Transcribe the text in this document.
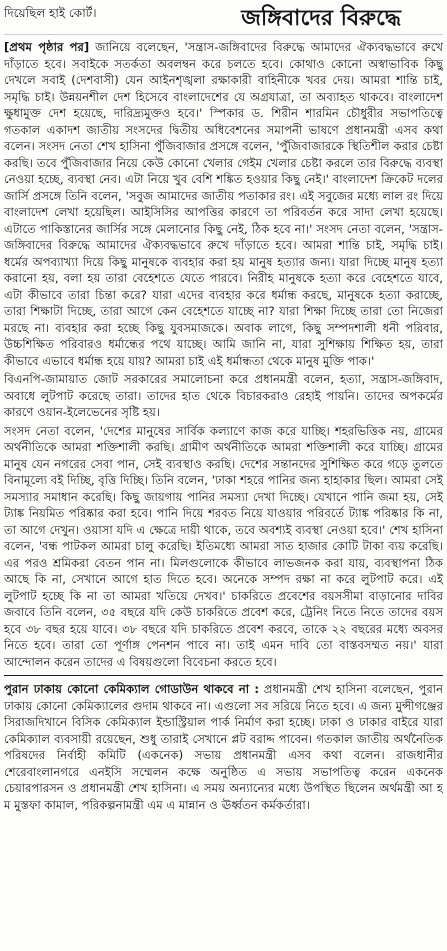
দিয়েছিল হাই কোর্ট।	জঙ্গিবাদের বিরুদ্ধে

[প্রথম পৃষ্ঠার পর] জানিয়ে বলেছেন, 'সন্ত্রাস-জঙ্গিবাদের বিরুদ্ধে আমাদের ঐক্যবদ্ধভাবে রুখে দাঁড়াতে হবে। সবাইকে সতর্কতা অবলম্বন করে চলতে হবে। কোথাও কোনো অস্বাভাবিক কিছু দেখলে সবাই (দেশবাসী) যেন আইনশৃঙ্খলা রক্ষাকারী বাহিনীকে খবর দেয়। আমরা শান্তি চাই, সমৃদ্ধি চাই। উন্নয়নশীল দেশ হিসেবে বাংলাদেশের যে অগ্রযাত্রা, তা অব্যাহত থাকবে। বাংলাদেশ ক্ষুধামুক্ত দেশ হয়েছে, দারিদ্র্যমুক্তও হবে।' স্পিকার ড. শিরীন শারমিন চৌধুরীর সভাপতিত্বে গতকাল একাদশ জাতীয় সংসদের দ্বিতীয় অধিবেশনের সমাপনী ভাষণে প্রধানমন্ত্রী এসব কথা বলেন। সংসদ নেতা শেখ হাসিনা পুঁজিবাজার প্রসঙ্গে বলেন, 'পুঁজিবাজারকে স্থিতিশীল করার চেষ্টা করছি। তবে পুঁজিবাজার নিয়ে কেউ কোনো খেলার গেইম খেলার চেষ্টা করলে তার বিরুদ্ধে ব্যবস্থা নেওয়া হচ্ছে, ব্যবস্থা নেব। এটা নিয়ে খুব বেশি শঙ্কিত হওয়ার কিছু নেই।' বাংলাদেশ ক্রিকেট দলের জার্সি প্রসঙ্গে তিনি বলেন, 'সবুজ আমাদের জাতীয় পতাকার রং। এই সবুজের মধ্যে লাল রং দিয়ে বাংলাদেশ লেখা হয়েছিল। আইসিসির আপত্তির কারণে তা পরিবর্তন করে সাদা লেখা হয়েছে। এটাতে পাকিস্তানের জার্সির সঙ্গে মেলানোর কিছু নেই, ঠিক হবে না।' সংসদ নেতা বলেন, 'সন্ত্রাস-জঙ্গিবাদের বিরুদ্ধে আমাদের ঐক্যবদ্ধভাবে রুখে দাঁড়াতে হবে। আমরা শান্তি চাই, সমৃদ্ধি চাই। ধর্মের অপব্যাখ্যা দিয়ে কিছু মানুষকে ব্যবহার করা হয় মানুষ হত্যার জন্য। যারা দিচ্ছে মানুষ হত্যা করানো হয়, বলা হয় তারা বেহেশতে যেতে পারবে। নিরীহ মানুষকে হত্যা করে বেহেশতে যাবে, এটা কীভাবে তারা চিন্তা করে? যারা এদের ব্যবহার করে ধর্মান্ধ করছে, মানুষকে হত্যা করাচ্ছে, তারা শিক্ষাটা দিচ্ছে, তারা আগে কেন বেহেশতে যাচ্ছে না? যারা শিক্ষা দিচ্ছে তারা তো নিজেরা মরছে না। ব্যবহার করা হচ্ছে কিছু যুবসমাজকে। অবাক লাগে, কিছু সম্পদশালী ধনী পরিবার, উচ্চশিক্ষিত পরিবারও ধর্মান্ধের পথে যাচ্ছে। আমি জানি না, যারা সুশিক্ষায় শিক্ষিত হয়, তারা কীভাবে এভাবে ধর্মান্ধ হয়ে যায়? আমরা চাই এই ধর্মান্ধতা থেকে মানুষ মুক্তি পাক।'

বিএনপি-জামায়াত জোট সরকারের সমালোচনা করে প্রধানমন্ত্রী বলেন, হত্যা, সন্ত্রাস-জঙ্গিবাদ, অবাধে লুটপাট করেছে তারা। তাদের হাত থেকে বিচারকরাও রেহাই পায়নি। তাদের অপকর্মের কারণে ওয়ান-ইলেভেনের সৃষ্টি হয়।

সংসদ নেতা বলেন, 'দেশের মানুষের সার্বিক কল্যাণে কাজ করে যাচ্ছি। শহরভিত্তিক নয়, গ্রামের অর্থনীতিকে আমরা শক্তিশালী করছি। গ্রামীণ অর্থনীতিকে আমরা শক্তিশালী করে যাচ্ছি। গ্রামের মানুষ যেন নগরের সেবা পান, সেই ব্যবস্থাও করছি। দেশের সন্তানদের সুশিক্ষিত করে গড়ে তুলতে বিনামূল্যে বই দিচ্ছি, বৃত্তি দিচ্ছি। তিনি বলেন, 'ঢাকা শহরে পানির জন্য হাহাকার ছিল। আমরা সেই সমস্যার সমাধান করেছি। কিছু জায়গায় পানির সমস্যা দেখা দিচ্ছে। যেখানে পানি জমা হয়, সেই ট্যাঙ্ক নিয়মিত পরিষ্কার করা হবে। পানি দিয়ে শরবত নিয়ে যাওয়ার পরিবর্তে ট্যাঙ্ক পরিষ্কার কি না, তা আগে দেখুন। ওয়াসা যদি এ ক্ষেত্রে দায়ী থাকে, তবে অবশ্যই ব্যবস্থা নেওয়া হবে।' শেখ হাসিনা বলেন, 'বন্ধ পাটকল আমরা চালু করেছি। ইতিমধ্যে আমরা সাত হাজার কোটি টাকা ব্যয় করেছি। এর পরও শ্রমিকরা বেতন পান না। মিলগুলোকে কীভাবে লাভজনক করা যায়, ব্যবস্থাপনা ঠিক আছে কি না, সেখানে আগে হাত দিতে হবে। অনেকে সম্পদ রক্ষা না করে লুটপাট করে। এই লুটপাট হচ্ছে কি না তা আমরা খতিয়ে দেখব।' চাকরিতে প্রবেশের বয়সসীমা বাড়ানোর দাবির জবাবে তিনি বলেন, ৩৫ বছরে যদি কেউ চাকরিতে প্রবেশ করে, ট্রেনিং নিতে নিতে তাদের বয়স হবে ৩৮ বছর হয়ে যাবে। ৩৮ বছরে যদি চাকরিতে প্রবেশ করবে, তাকে ২২ বছরের মধ্যে অবসর নিতে হবে। তারা তো পূর্ণাঙ্গ পেনশন পাবে না। তাই এমন দাবি তো বাস্তবসম্মত নয়।' যারা আন্দোলন করেন তাদের এ বিষয়গুলো বিবেচনা করতে হবে।

পুরান ঢাকায় কোনো কেমিক্যাল গোডাউন থাকবে না : প্রধানমন্ত্রী শেখ হাসিনা বলেছেন, পুরান ঢাকায় কোনো কেমিক্যালের গুদাম থাকবে না। এগুলো সব সরিয়ে নিতে হবে। এ জন্য মুন্সীগঞ্জের সিরাজদিখানে বিসিক কেমিক্যাল ইন্ডাস্ট্রিয়াল পার্ক নির্মাণ করা হচ্ছে। ঢাকা ও ঢাকার বাইরে যারা কেমিক্যাল ব্যবসায়ী রয়েছেন, শুধু তারাই সেখানে প্লট বরাদ্দ পাবেন। গতকাল জাতীয় অর্থনৈতিক পরিষদের নির্বাহী কমিটি (একনেক) সভায় প্রধানমন্ত্রী এসব কথা বলেন। রাজধানীর শেরেবাংলানগরে এনইসি সম্মেলন কক্ষে অনুষ্ঠিত এ সভায় সভাপতিত্ব করেন একনেক চেয়ারপারসন ও প্রধানমন্ত্রী শেখ হাসিনা। এ সময় অন্যান্যের মধ্যে উপস্থিত ছিলেন অর্থমন্ত্রী আ হ ম মুস্তফা কামাল, পরিকল্পনামন্ত্রী এম এ মান্নান ও ঊর্ধ্বতন কর্মকর্তারা।
